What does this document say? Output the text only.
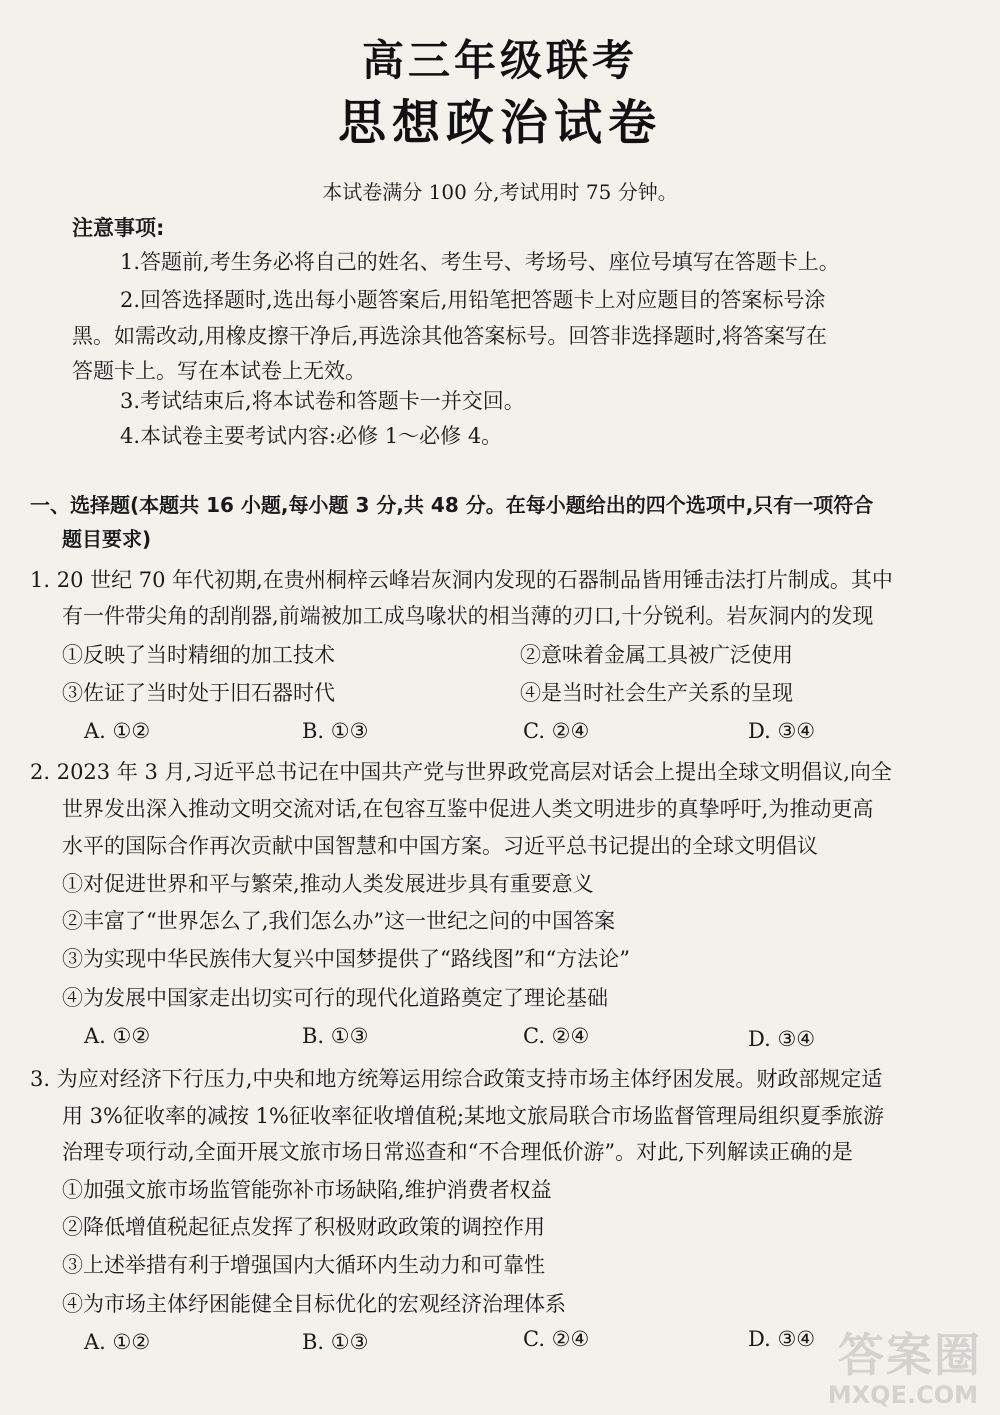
高三年级联考
思想政治试卷
本试卷满分 100 分,考试用时 75 分钟。
注意事项:
1.答题前,考生务必将自己的姓名、考生号、考场号、座位号填写在答题卡上。
2.回答选择题时,选出每小题答案后,用铅笔把答题卡上对应题目的答案标号涂
黑。如需改动,用橡皮擦干净后,再选涂其他答案标号。回答非选择题时,将答案写在
答题卡上。写在本试卷上无效。
3.考试结束后,将本试卷和答题卡一并交回。
4.本试卷主要考试内容:必修 1～必修 4。
一、选择题(本题共 16 小题,每小题 3 分,共 48 分。在每小题给出的四个选项中,只有一项符合
题目要求)
1. 20 世纪 70 年代初期,在贵州桐梓云峰岩灰洞内发现的石器制品皆用锤击法打片制成。其中
有一件带尖角的刮削器,前端被加工成鸟喙状的相当薄的刃口,十分锐利。岩灰洞内的发现
①反映了当时精细的加工技术	②意味着金属工具被广泛使用
③佐证了当时处于旧石器时代	④是当时社会生产关系的呈现
A. ①②	B. ①③	C. ②④	D. ③④
2. 2023 年 3 月,习近平总书记在中国共产党与世界政党高层对话会上提出全球文明倡议,向全
世界发出深入推动文明交流对话,在包容互鉴中促进人类文明进步的真挚呼吁,为推动更高
水平的国际合作再次贡献中国智慧和中国方案。习近平总书记提出的全球文明倡议
①对促进世界和平与繁荣,推动人类发展进步具有重要意义
②丰富了“世界怎么了,我们怎么办”这一世纪之问的中国答案
③为实现中华民族伟大复兴中国梦提供了“路线图”和“方法论”
④为发展中国家走出切实可行的现代化道路奠定了理论基础
A. ①②	B. ①③	C. ②④	D. ③④
3. 为应对经济下行压力,中央和地方统筹运用综合政策支持市场主体纾困发展。财政部规定适
用 3%征收率的减按 1%征收率征收增值税;某地文旅局联合市场监督管理局组织夏季旅游
治理专项行动,全面开展文旅市场日常巡查和“不合理低价游”。对此,下列解读正确的是
①加强文旅市场监管能弥补市场缺陷,维护消费者权益
②降低增值税起征点发挥了积极财政政策的调控作用
③上述举措有利于增强国内大循环内生动力和可靠性
④为市场主体纾困能健全目标优化的宏观经济治理体系
A. ①②	B. ①③	C. ②④	D. ③④ 答案圈
MXQE.COM
